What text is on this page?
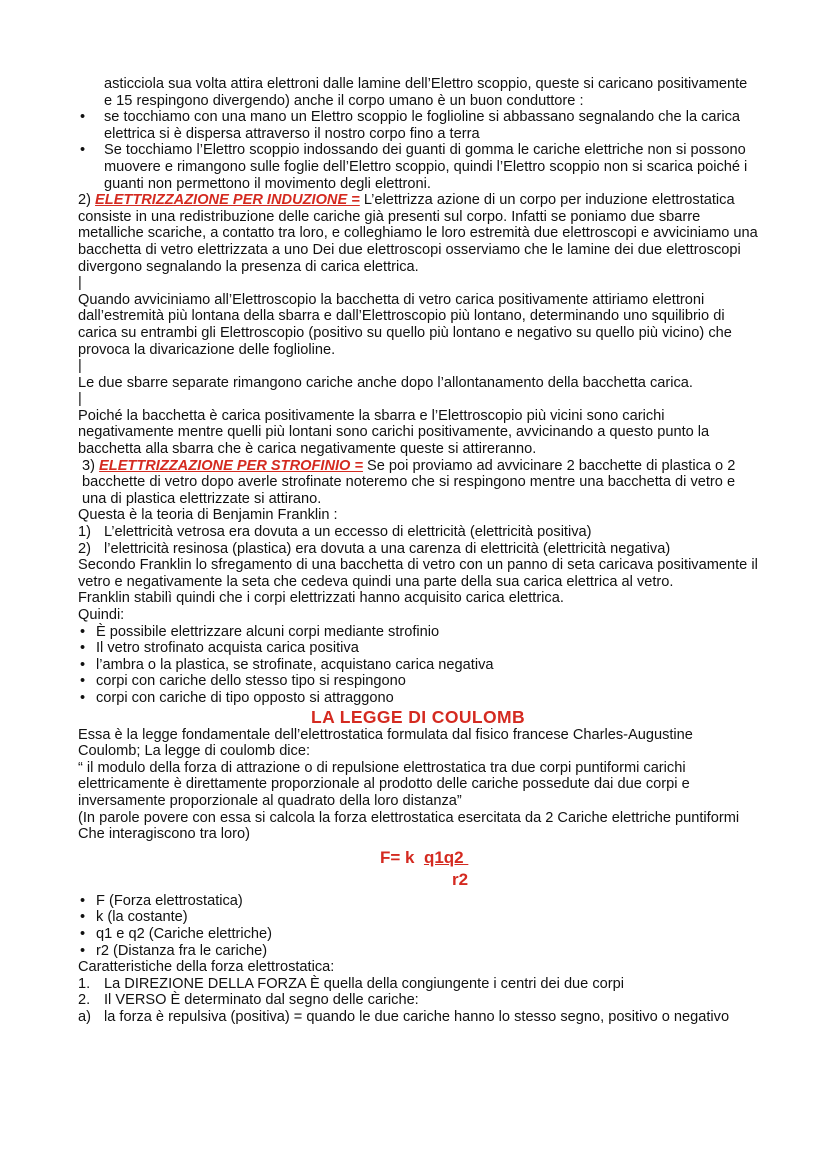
asticciola sua volta attira elettroni dalle lamine dell’Elettro scoppio, queste si caricano positivamente e 15 respingono divergendo) anche il corpo umano è un buon conduttore :

•	se tocchiamo con una mano un Elettro scoppio le foglioline si abbassano segnalando che la carica elettrica si è dispersa attraverso il nostro corpo fino a terra
•	Se tocchiamo l’Elettro scoppio indossando dei guanti di gomma le cariche elettriche non si possono muovere e rimangono sulle foglie dell’Elettro scoppio, quindi l’Elettro scoppio non si scarica poiché i guanti non permettono il movimento degli elettroni.

2) ELETTRIZZAZIONE PER INDUZIONE = L’elettrizza azione di un corpo per induzione elettrostatica consiste in una redistribuzione delle cariche già presenti sul corpo. Infatti se poniamo due sbarre metalliche scariche, a contatto tra loro, e colleghiamo le loro estremità due elettroscopi e avviciniamo una bacchetta di vetro elettrizzata a uno Dei due elettroscopi osserviamo che le lamine dei due elettroscopi divergono segnalando la presenza di carica elettrica.

|

Quando avviciniamo all’Elettroscopio la bacchetta di vetro carica positivamente attiriamo elettroni dall’estremità più lontana della sbarra e dall’Elettroscopio più lontano, determinando uno squilibrio di carica su entrambi gli Elettroscopio (positivo su quello più lontano e negativo su quello più vicino) che provoca la divaricazione delle foglioline.

|

Le due sbarre separate rimangono cariche anche dopo l’allontanamento della bacchetta carica.

|

Poiché la bacchetta è carica positivamente la sbarra e l’Elettroscopio più vicini sono carichi negativamente mentre quelli più lontani sono carichi positivamente, avvicinando a questo punto la bacchetta alla sbarra che è carica negativamente queste si attireranno.

3) ELETTRIZZAZIONE PER STROFINIO = Se poi proviamo ad avvicinare 2 bacchette di plastica o 2 bacchette di vetro dopo averle strofinate noteremo che si respingono mentre una bacchetta di vetro e una di plastica elettrizzate si attirano.

Questa è la teoria di Benjamin Franklin :

1) L’elettricità vetrosa era dovuta a un eccesso di elettricità (elettricità positiva)
2) l’elettricità resinosa (plastica) era dovuta a una carenza di elettricità (elettricità negativa)

Secondo Franklin lo sfregamento di una bacchetta di vetro con un panno di seta caricava positivamente il vetro e negativamente la seta che cedeva quindi una parte della sua carica elettrica al vetro.

Franklin stabilì quindi che i corpi elettrizzati hanno acquisito carica elettrica.

Quindi:

• È possibile elettrizzare alcuni corpi mediante strofinio
• Il vetro strofinato acquista carica positiva
• l’ambra o la plastica, se strofinate, acquistano carica negativa
• corpi con cariche dello stesso tipo si respingono
• corpi con cariche di tipo opposto si attraggono

LA LEGGE DI COULOMB

Essa è la legge fondamentale dell’elettrostatica formulata dal fisico francese Charles-Augustine Coulomb; La legge di coulomb dice:

“ il modulo della forza di attrazione o di repulsione elettrostatica tra due corpi puntiformi carichi elettricamente è direttamente proporzionale al prodotto delle cariche possedute dai due corpi e inversamente proporzionale al quadrato della loro distanza”

(In parole povere con essa si calcola la forza elettrostatica esercitata da 2 Cariche elettriche puntiformi Che interagiscono tra loro)

F= k  q1q2
r2
• F (Forza elettrostatica)
• k (la costante)
• q1 e q2 (Cariche elettriche)
• r2 (Distanza fra le cariche)

Caratteristiche della forza elettrostatica:

1. La DIREZIONE DELLA FORZA È quella della congiungente i centri dei due corpi
2. Il VERSO È determinato dal segno delle cariche:
a) la forza è repulsiva (positiva) = quando le due cariche hanno lo stesso segno, positivo o negativo
